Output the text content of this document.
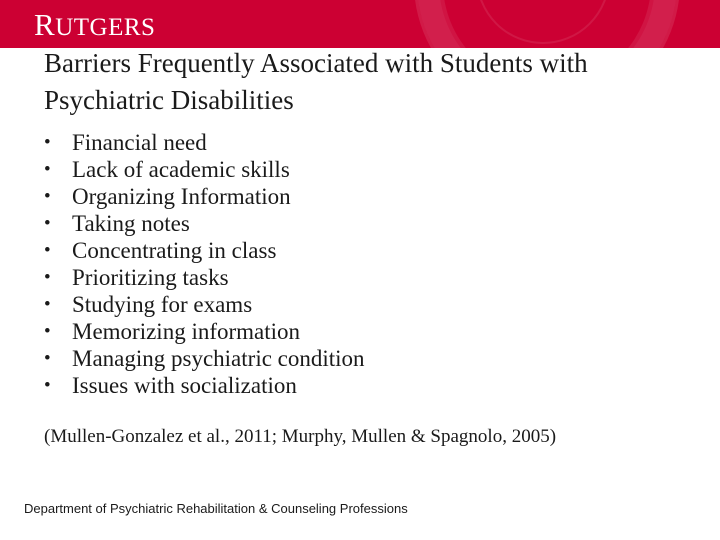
RUTGERS
Barriers Frequently Associated with Students with Psychiatric Disabilities
• Financial need
• Lack of academic skills
• Organizing Information
• Taking notes
• Concentrating in class
• Prioritizing tasks
• Studying for exams
• Memorizing information
• Managing psychiatric condition
• Issues with socialization
(Mullen-Gonzalez et al., 2011; Murphy, Mullen & Spagnolo, 2005)
Department of Psychiatric Rehabilitation & Counseling Professions
